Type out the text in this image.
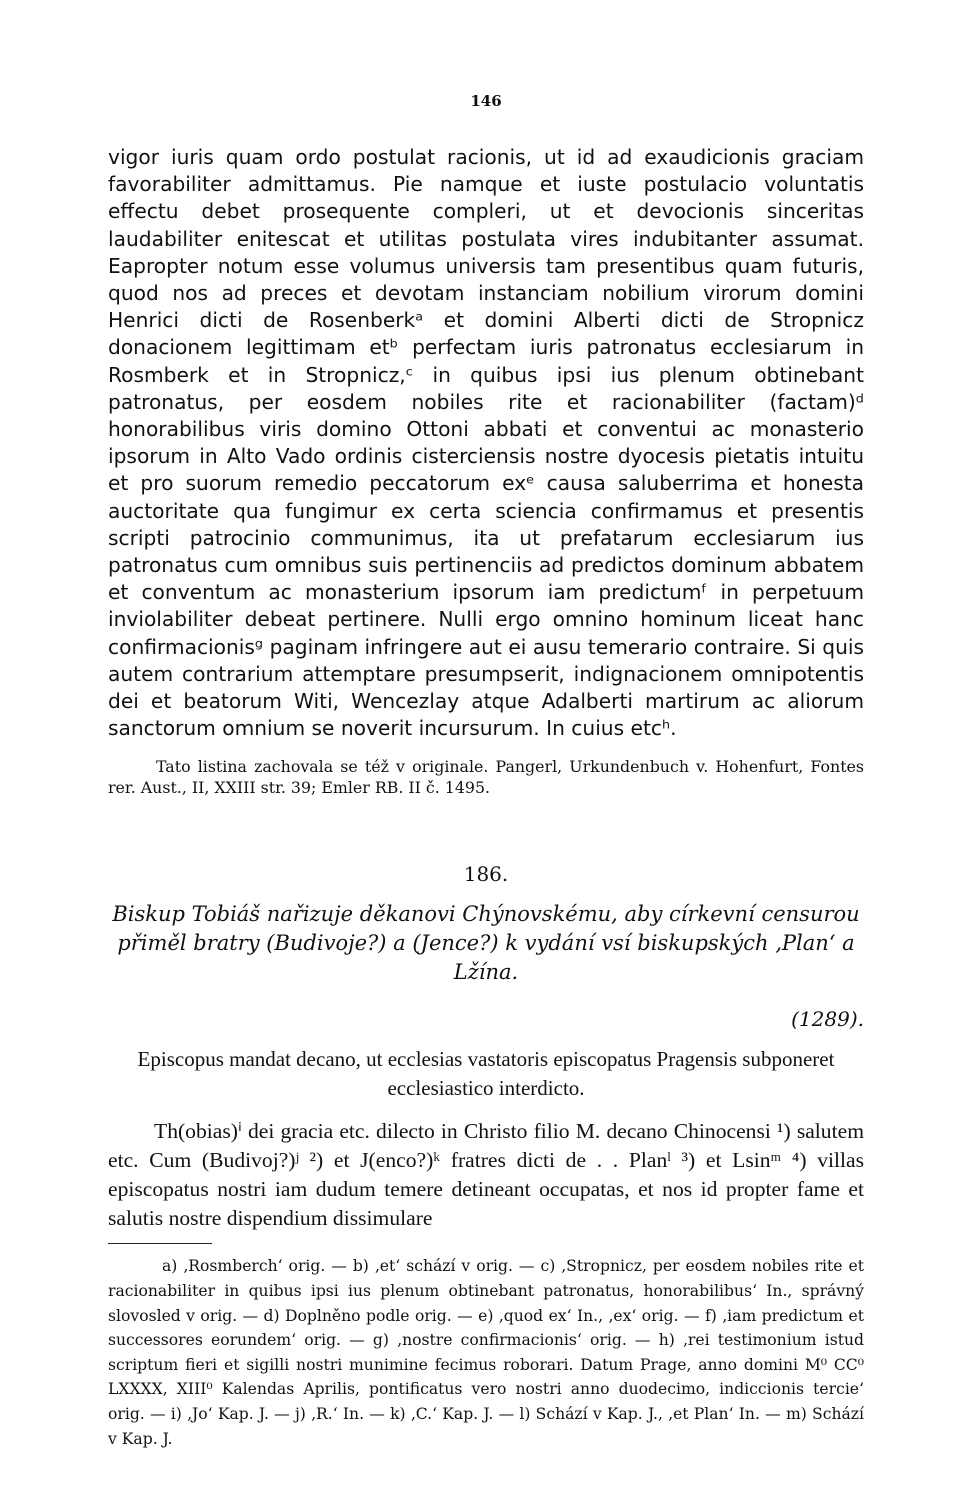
146

vigor iuris quam ordo postulat racionis, ut id ad exaudicionis graciam favorabiliter admittamus. Pie namque et iuste postulacio voluntatis effectu debet prosequente compleri, ut et devocionis sinceritas laudabiliter enitescat et utilitas postulata vires indubitanter assumat. Eapropter notum esse volumus universis tam presentibus quam futuris, quod nos ad preces et devotam instanciam nobilium virorum domini Henrici dicti de Rosenberkᵃ et domini Alberti dicti de Stropnicz donacionem legittimam etᵇ perfectam iuris patronatus ecclesiarum in Rosmberk et in Stropnicz,ᶜ in quibus ipsi ius plenum obtinebant patronatus, per eosdem nobiles rite et racionabiliter (factam)ᵈ honorabilibus viris domino Ottoni abbati et conventui ac monasterio ipsorum in Alto Vado ordinis cisterciensis nostre dyocesis pietatis intuitu et pro suorum remedio peccatorum exᵉ causa saluberrima et honesta auctoritate qua fungimur ex certa sciencia confirmamus et presentis scripti patrocinio communimus, ita ut prefatarum ecclesiarum ius patronatus cum omnibus suis pertinenciis ad predictos dominum abbatem et conventum ac monasterium ipsorum iam predictumᶠ in perpetuum inviolabiliter debeat pertinere. Nulli ergo omnino hominum liceat hanc confirmacionisᵍ paginam infringere aut ei ausu temerario contraire. Si quis autem contrarium attemptare presumpserit, indignacionem omnipotentis dei et beatorum Witi, Wencezlay atque Adalberti martirum ac aliorum sanctorum omnium se noverit incursurum. In cuius etcʰ.

Tato listina zachovala se též v originale. Pangerl, Urkundenbuch v. Hohenfurt, Fontes rer. Aust., II, XXIII str. 39; Emler RB. II č. 1495.

186.

Biskup Tobiáš nařizuje děkanovi Chýnovskému, aby církevní censurou přiměl bratry (Budivoje?) a (Jence?) k vydání vsí biskupských ‚Plan‘ a Lžína.

(1289).

Episcopus mandat decano, ut ecclesias vastatoris episcopatus Pragensis subponeret ecclesiastico interdicto.

Th(obias)ⁱ dei gracia etc. dilecto in Christo filio M. decano Chinocensi ¹) salutem etc. Cum (Budivoj?)ʲ ²) et J(enco?)ᵏ fratres dicti de . . Planˡ ³) et Lsinᵐ ⁴) villas episcopatus nostri iam dudum temere detineant occupatas, et nos id propter fame et salutis nostre dispendium dissimulare

a) ‚Rosmberch‘ orig. — b) ‚et‘ schází v orig. — c) ‚Stropnicz, per eosdem nobiles rite et racionabiliter in quibus ipsi ius plenum obtinebant patronatus, honorabilibus‘ In., správný slovosled v orig. — d) Doplněno podle orig. — e) ‚quod ex‘ In., ‚ex‘ orig. — f) ‚iam predictum et successores eorundem‘ orig. — g) ‚nostre confirmacionis‘ orig. — h) ‚rei testimonium istud scriptum fieri et sigilli nostri munimine fecimus roborari. Datum Prage, anno domini M⁰ CC⁰ LXXXX, XIII⁰ Kalendas Aprilis, pontificatus vero nostri anno duodecimo, indiccionis tercie‘ orig. — i) ‚Jo‘ Kap. J. — j) ‚R.‘ In. — k) ‚C.‘ Kap. J. — l) Schází v Kap. J., ‚et Plan‘ In. — m) Schází v Kap. J.
